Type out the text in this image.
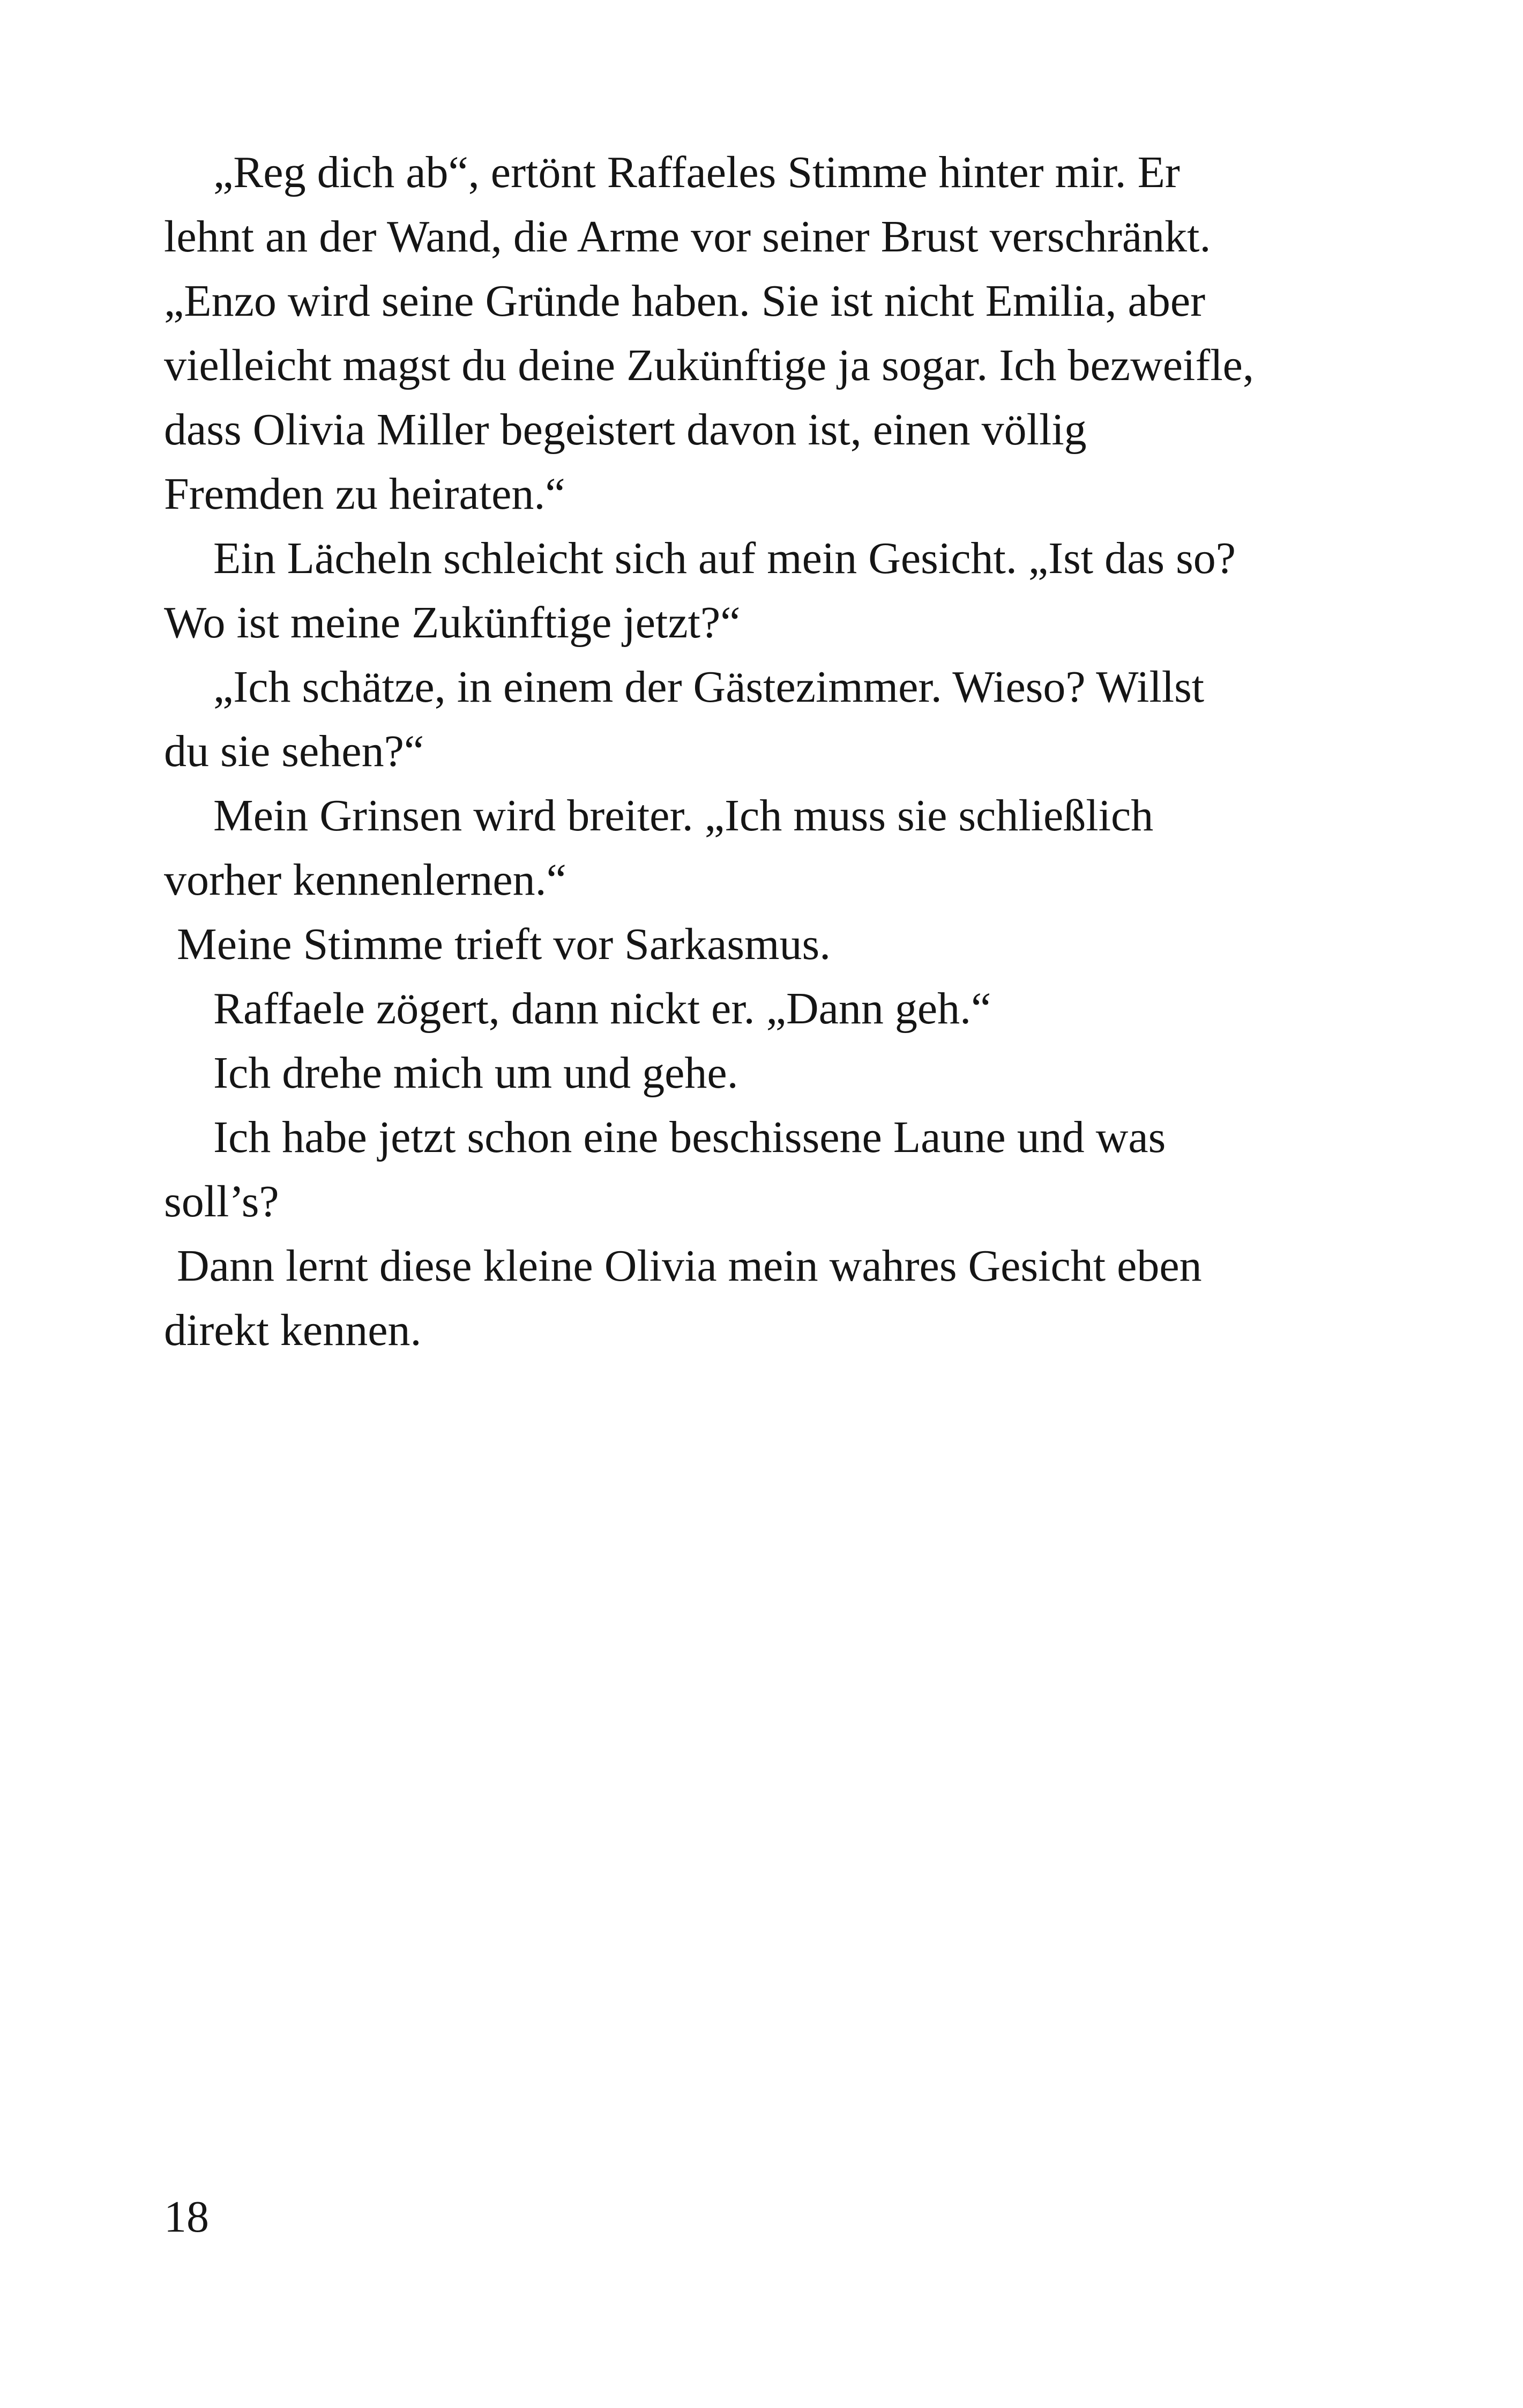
„Reg dich ab“, ertönt Raffaeles Stimme hinter mir. Er
lehnt an der Wand, die Arme vor seiner Brust verschränkt.
„Enzo wird seine Gründe haben. Sie ist nicht Emilia, aber
vielleicht magst du deine Zukünftige ja sogar. Ich bezweifle,
dass Olivia Miller begeistert davon ist, einen völlig
Fremden zu heiraten.“
Ein Lächeln schleicht sich auf mein Gesicht. „Ist das so?
Wo ist meine Zukünftige jetzt?“
„Ich schätze, in einem der Gästezimmer. Wieso? Willst
du sie sehen?“
Mein Grinsen wird breiter. „Ich muss sie schließlich
vorher kennenlernen.“
Meine Stimme trieft vor Sarkasmus.
Raffaele zögert, dann nickt er. „Dann geh.“
Ich drehe mich um und gehe.
Ich habe jetzt schon eine beschissene Laune und was
soll’s?
Dann lernt diese kleine Olivia mein wahres Gesicht eben
direkt kennen.
18
